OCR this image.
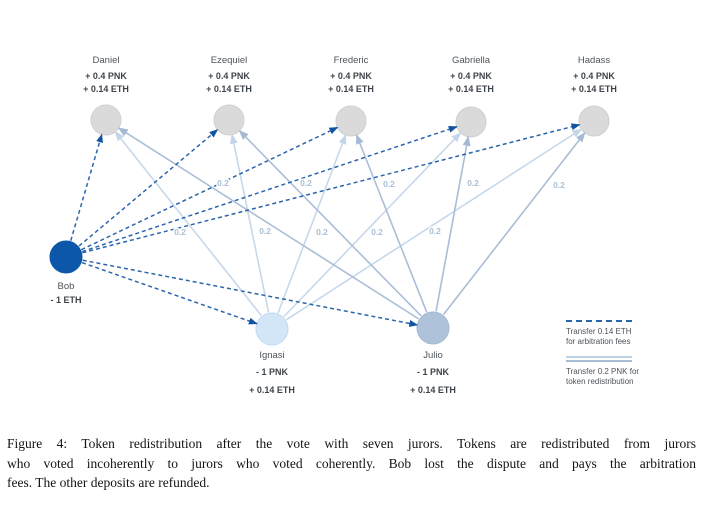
0.2	0.2	0.2	0.2	0.2
0.2	0.2	0.2	0.2	0.2
Daniel
+ 0.4 PNK
+ 0.14 ETH
Ezequiel
+ 0.4 PNK
+ 0.14 ETH
Frederic
+ 0.4 PNK
+ 0.14 ETH
Gabriella
+ 0.4 PNK
+ 0.14 ETH
Hadass
+ 0.4 PNK
+ 0.14 ETH
Bob
- 1 ETH
Ignasi
- 1 PNK
+ 0.14 ETH
Julio
- 1 PNK
+ 0.14 ETH
Transfer 0.14 ETH
for arbitration fees
Transfer 0.2 PNK for
token redistribution
Figure 4: Token redistribution after the vote with seven jurors. Tokens are redistributed from jurors
who voted incoherently to jurors who voted coherently. Bob lost the dispute and pays the arbitration
fees. The other deposits are refunded.
